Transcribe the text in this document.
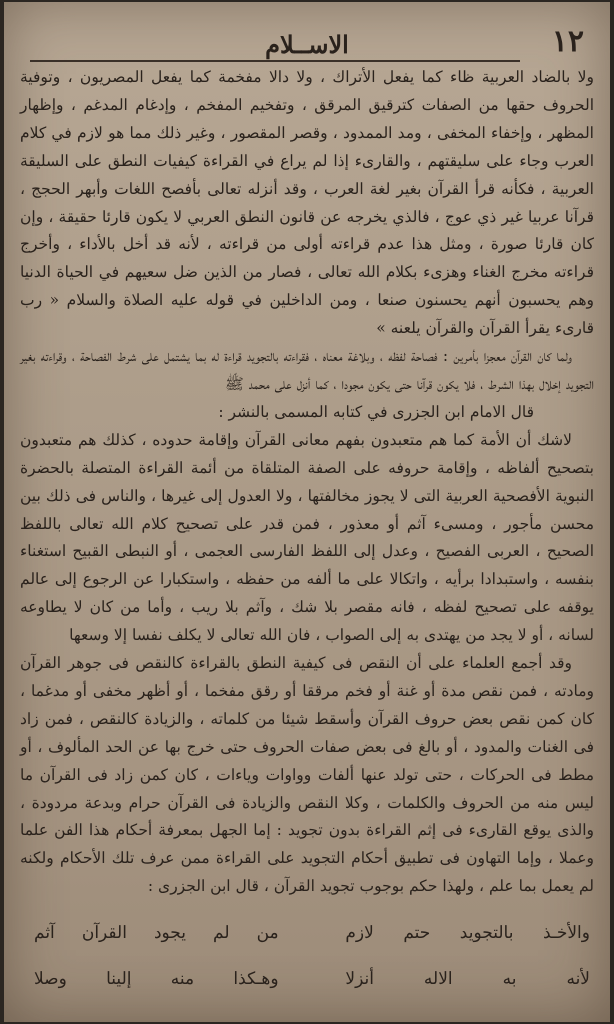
١٢
الاســلام

ولا بالضاد العربية ظاء كما يفعل الأتراك ، ولا دالا مفخمة كما يفعل المصريون ، وتوفية الحروف حقها من الصفات كترقيق المرقق ، وتفخيم المفخم ، وإدغام المدغم ، وإظهار المظهر ، وإخفاء المخفى ، ومد الممدود ، وقصر المقصور ، وغير ذلك مما هو لازم في كلام العرب وجاء على سليقتهم ، والقارىء إذا لم يراع في القراءة كيفيات النطق على السليقة العربية ، فكأنه قرأ القرآن بغير لغة العرب ، وقد أنزله تعالى بأفصح اللغات وأبهر الحجج ، قرآنا عربيا غير ذي عوج ، فالذي يخرجه عن قانون النطق العربي لا يكون قارئا حقيقة ، وإن كان قارئا صورة ، ومثل هذا عدم قراءته أولى من قراءته ، لأنه قد أخل بالأداء ، وأخرج قراءته مخرج الغناء وهزىء بكلام الله تعالى ، فصار من الذين ضل سعيهم في الحياة الدنيا وهم يحسبون أنهم يحسنون صنعا ، ومن الداخلين في قوله عليه الصلاة والسلام « رب قارىء يقرأ القرآن والقرآن يلعنه »

ولما كان القرآن معجزا بأمرين : فصاحة لفظه ، وبلاغة معناه ، فقراءته بالتجويد قراءة له بما يشتمل على شرط الفصاحة ، وقراءته بغير التجويد إخلال بهذا الشرط ، فلا يكون قرآنا حتى يكون مجودا ، كما أنزل على محمد ﷺ

قال الامام ابن الجزرى في كتابه المسمى بالنشر :

لاشك أن الأمة كما هم متعبدون بفهم معانى القرآن وإقامة حدوده ، كذلك هم متعبدون بتصحيح ألفاظه ، وإقامة حروفه على الصفة المتلقاة من أئمة القراءة المتصلة بالحضرة النبوية الأفصحية العربية التى لا يجوز مخالفتها ، ولا العدول إلى غيرها ، والناس فى ذلك بين محسن مأجور ، ومسىء آثم أو معذور ، فمن قدر على تصحيح كلام الله تعالى باللفظ الصحيح ، العربى الفصيح ، وعدل إلى اللفظ الفارسى العجمى ، أو النبطى القبيح استغناء بنفسه ، واستبدادا برأيه ، واتكالا على ما ألفه من حفظه ، واستكبارا عن الرجوع إلى عالم يوقفه على تصحيح لفظه ، فانه مقصر بلا شك ، وآثم بلا ريب ، وأما من كان لا يطاوعه لسانه ، أو لا يجد من يهتدى به إلى الصواب ، فان الله تعالى لا يكلف نفسا إلا وسعها

وقد أجمع العلماء على أن النقص فى كيفية النطق بالقراءة كالنقص فى جوهر القرآن ومادته ، فمن نقص مدة أو غنة أو فخم مرققا أو رقق مفخما ، أو أظهر مخفى أو مدغما ، كان كمن نقص بعض حروف القرآن وأسقط شيئا من كلماته ، والزيادة كالنقص ، فمن زاد فى الغنات والمدود ، أو بالغ فى بعض صفات الحروف حتى خرج بها عن الحد المألوف ، أو مطط فى الحركات ، حتى تولد عنها ألفات وواوات وياءات ، كان كمن زاد فى القرآن ما ليس منه من الحروف والكلمات ، وكلا النقص والزيادة فى القرآن حرام وبدعة مردودة ، والذى يوقع القارىء فى إثم القراءة بدون تجويد : إما الجهل بمعرفة أحكام هذا الفن علما وعملا ، وإما التهاون فى تطبيق أحكام التجويد على القراءة ممن عرف تلك الأحكام ولكنه لم يعمل بما علم ، ولهذا حكم بوجوب تجويد القرآن ، قال ابن الجزرى :

والأخـذ
بالتجويد
حتم
لازم
من
لم
يجود
القرآن
آثم
لأنه
به
الاله
أنزلا
وهـكذا
منه
إلينا
وصلا
